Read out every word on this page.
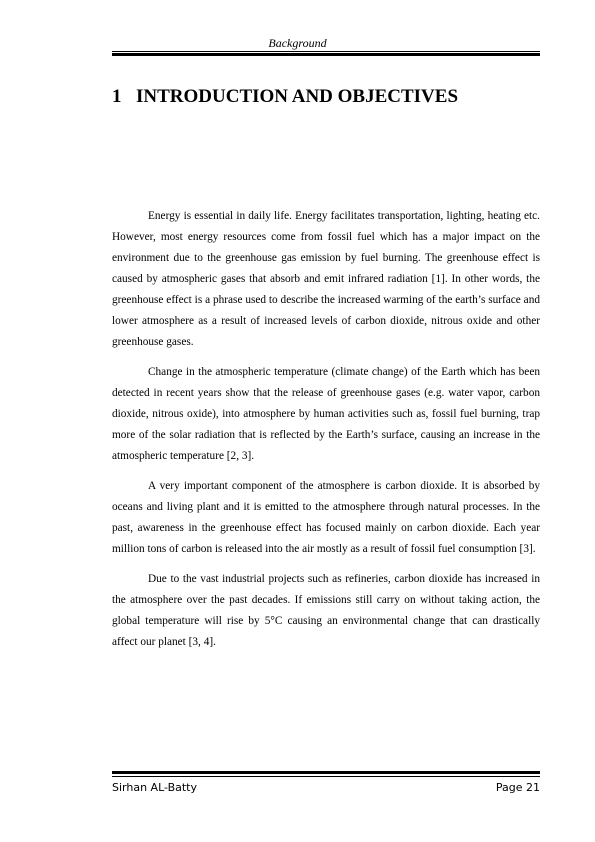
Background
1 INTRODUCTION AND OBJECTIVES

Energy is essential in daily life. Energy facilitates transportation, lighting, heating etc. However, most energy resources come from fossil fuel which has a major impact on the environment due to the greenhouse gas emission by fuel burning. The greenhouse effect is caused by atmospheric gases that absorb and emit infrared radiation [1]. In other words, the greenhouse effect is a phrase used to describe the increased warming of the earth’s surface and lower atmosphere as a result of increased levels of carbon dioxide, nitrous oxide and other greenhouse gases.

Change in the atmospheric temperature (climate change) of the Earth which has been detected in recent years show that the release of greenhouse gases (e.g. water vapor, carbon dioxide, nitrous oxide), into atmosphere by human activities such as, fossil fuel burning, trap more of the solar radiation that is reflected by the Earth’s surface, causing an increase in the atmospheric temperature [2, 3].

A very important component of the atmosphere is carbon dioxide. It is absorbed by oceans and living plant and it is emitted to the atmosphere through natural processes. In the past, awareness in the greenhouse effect has focused mainly on carbon dioxide. Each year million tons of carbon is released into the air mostly as a result of fossil fuel consumption [3].

Due to the vast industrial projects such as refineries, carbon dioxide has increased in the atmosphere over the past decades. If emissions still carry on without taking action, the global temperature will rise by 5°C causing an environmental change that can drastically affect our planet [3, 4].

Sirhan AL-Batty	Page 21
